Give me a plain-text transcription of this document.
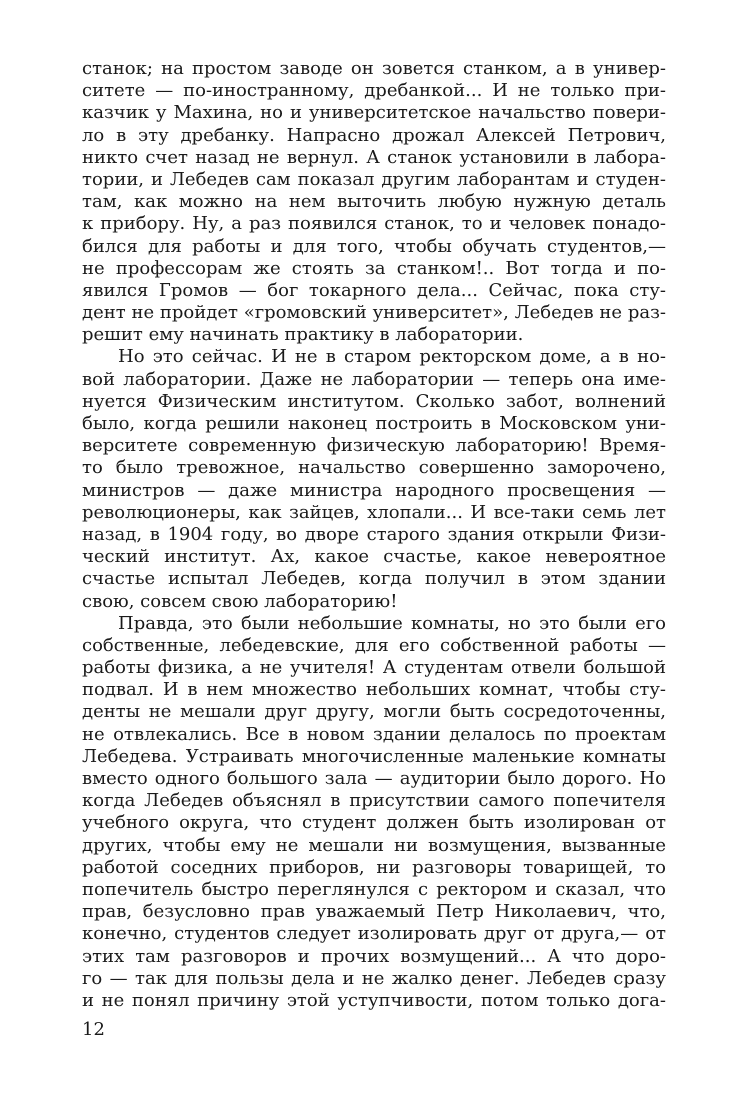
станок; на простом заводе он зовется станком, а в универ-
ситете — по-иностранному, дребанкой... И не только при-
казчик у Махина, но и университетское начальство повери-
ло в эту дребанку. Напрасно дрожал Алексей Петрович,
никто счет назад не вернул. А станок установили в лабора-
тории, и Лебедев сам показал другим лаборантам и студен-
там, как можно на нем выточить любую нужную деталь
к прибору. Ну, а раз появился станок, то и человек понадо-
бился для работы и для того, чтобы обучать студентов,—
не профессорам же стоять за станком!.. Вот тогда и по-
явился Громов — бог токарного дела... Сейчас, пока сту-
дент не пройдет «громовский университет», Лебедев не раз-
решит ему начинать практику в лаборатории.
Но это сейчас. И не в старом ректорском доме, а в но-
вой лаборатории. Даже не лаборатории — теперь она име-
нуется Физическим институтом. Сколько забот, волнений
было, когда решили наконец построить в Московском уни-
верситете современную физическую лабораторию! Время-
то было тревожное, начальство совершенно заморочено,
министров — даже министра народного просвещения —
революционеры, как зайцев, хлопали... И все-таки семь лет
назад, в 1904 году, во дворе старого здания открыли Физи-
ческий институт. Ах, какое счастье, какое невероятное
счастье испытал Лебедев, когда получил в этом здании
свою, совсем свою лабораторию!
Правда, это были небольшие комнаты, но это были его
собственные, лебедевские, для его собственной работы —
работы физика, а не учителя! А студентам отвели большой
подвал. И в нем множество небольших комнат, чтобы сту-
денты не мешали друг другу, могли быть сосредоточенны,
не отвлекались. Все в новом здании делалось по проектам
Лебедева. Устраивать многочисленные маленькие комнаты
вместо одного большого зала — аудитории было дорого. Но
когда Лебедев объяснял в присутствии самого попечителя
учебного округа, что студент должен быть изолирован от
других, чтобы ему не мешали ни возмущения, вызванные
работой соседних приборов, ни разговоры товарищей, то
попечитель быстро переглянулся с ректором и сказал, что
прав, безусловно прав уважаемый Петр Николаевич, что,
конечно, студентов следует изолировать друг от друга,— от
этих там разговоров и прочих возмущений... А что доро-
го — так для пользы дела и не жалко денег. Лебедев сразу
и не понял причину этой уступчивости, потом только дога-
12
